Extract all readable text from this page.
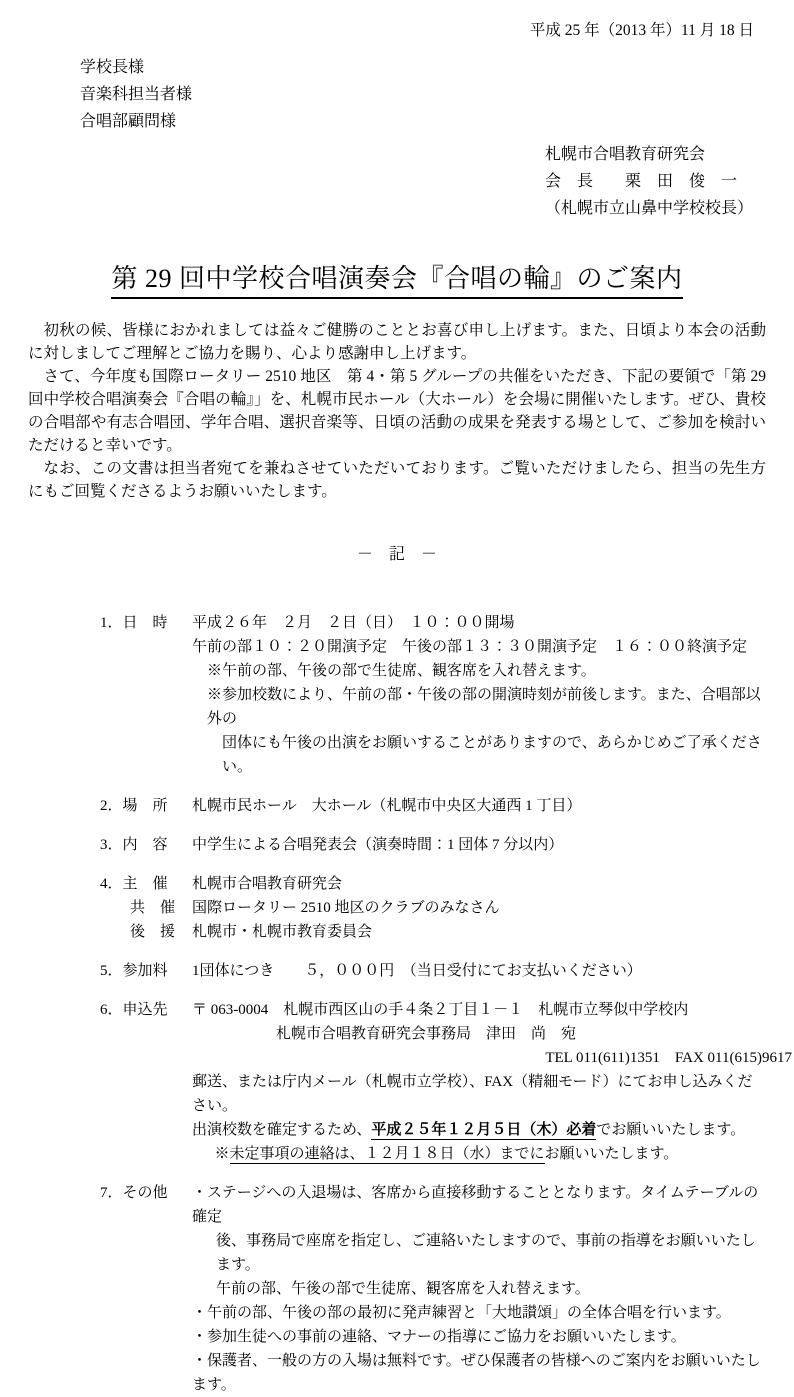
平成 25 年（2013 年）11 月 18 日
学校長様
音楽科担当者様
合唱部顧問様
札幌市合唱教育研究会
会　長　　栗　田　俊　一
（札幌市立山鼻中学校校長）
第 29 回中学校合唱演奏会『合唱の輪』のご案内

初秋の候、皆様におかれましては益々ご健勝のこととお喜び申し上げます。また、日頃より本会の活動に対しましてご理解とご協力を賜り、心より感謝申し上げます。

さて、今年度も国際ロータリー 2510 地区　第 4・第 5 グループの共催をいただき、下記の要領で「第 29 回中学校合唱演奏会『合唱の輪』」を、札幌市民ホール（大ホール）を会場に開催いたします。ぜひ、貴校の合唱部や有志合唱団、学年合唱、選択音楽等、日頃の活動の成果を発表する場として、ご参加を検討いただけると幸いです。

なお、この文書は担当者宛てを兼ねさせていただいております。ご覧いただけましたら、担当の先生方にもご回覧くださるようお願いいたします。

－　記　－
1．日　時	平成２６年　２月　２日（日）　１０：００開場
午前の部１０：２０開演予定　午後の部１３：３０開演予定　１６：００終演予定
※午前の部、午後の部で生徒席、観客席を入れ替えます。
※参加校数により、午前の部・午後の部の開演時刻が前後します。また、合唱部以外の
団体にも午後の出演をお願いすることがありますので、あらかじめご了承ください。
2．場　所	札幌市民ホール　大ホール（札幌市中央区大通西 1 丁目）
3．内　容	中学生による合唱発表会（演奏時間：1 団体 7 分以内）
4．主　催	札幌市合唱教育研究会
　　共　催	国際ロータリー 2510 地区のクラブのみなさん
　　後　援	札幌市・札幌市教育委員会
5．参加料	1団体につき　　５，０００円　（当日受付にてお支払いください）
6．申込先	〒 063-0004　札幌市西区山の手４条２丁目１－１　札幌市立琴似中学校内
札幌市合唱教育研究会事務局　津田　尚　宛
TEL 011(611)1351　FAX 011(615)9617
郵送、または庁内メール（札幌市立学校）、FAX（精細モード）にてお申し込みください。
出演校数を確定するため、平成２５年１２月５日（木）必着でお願いいたします。
※未定事項の連絡は、１２月１８日（水）までにお願いいたします。
7．その他	・ステージへの入退場は、客席から直接移動することとなります。タイムテーブルの確定
後、事務局で座席を指定し、ご連絡いたしますので、事前の指導をお願いいたします。
午前の部、午後の部で生徒席、観客席を入れ替えます。
・午前の部、午後の部の最初に発声練習と「大地讃頌」の全体合唱を行います。
・参加生徒への事前の連絡、マナーの指導にご協力をお願いいたします。
・保護者、一般の方の入場は無料です。ぜひ保護者の皆様へのご案内をお願いいたします。
